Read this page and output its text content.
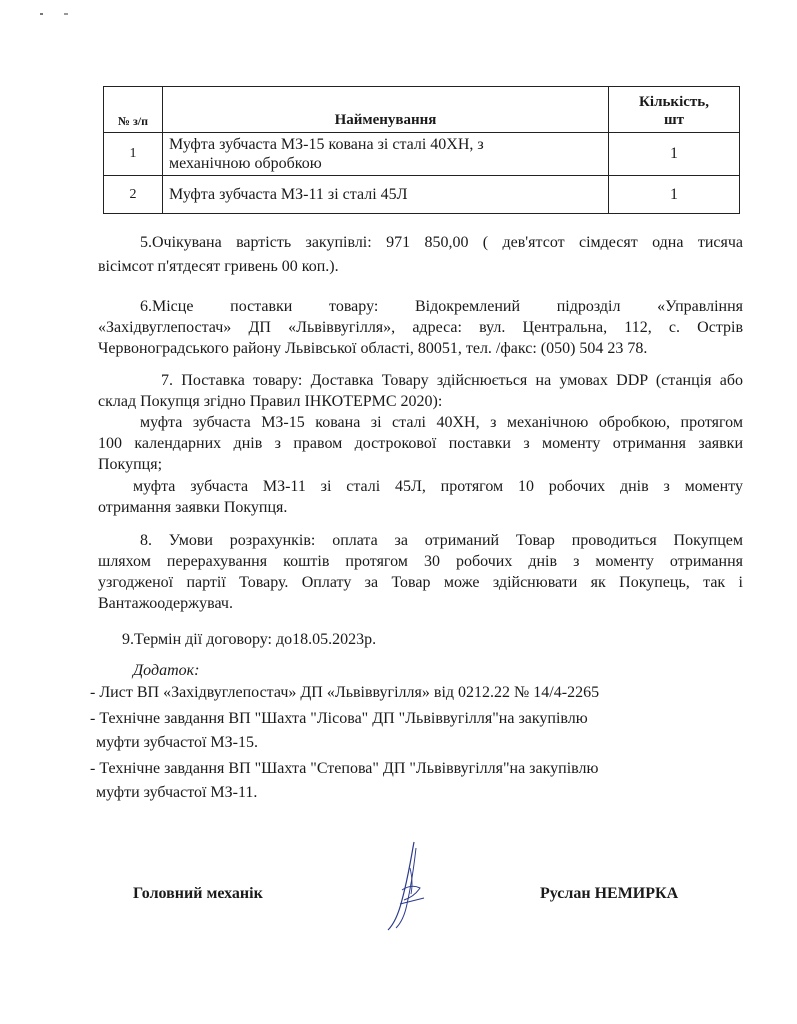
№ з/п	Найменування	Кількість,
шт
1	Муфта зубчаста МЗ-15 кована зі сталі 40ХН, з
механічною обробкою	1
2	Муфта зубчаста МЗ-11 зі сталі 45Л	1
5.Очікувана вартість закупівлі: 971 850,00 ( дев'ятсот сімдесят одна тисяча
вісімсот п'ятдесят гривень 00 коп.).
6.Місце поставки товару: Відокремлений підрозділ «Управління
«Західвуглепостач» ДП «Львіввугілля», адреса: вул. Центральна, 112, с. Острів
Червоноградського району Львівської області, 80051, тел. /факс: (050) 504 23 78.
7. Поставка товару: Доставка Товару здійснюється на умовах DDP (станція або
склад Покупця згідно Правил ІНКОТЕРМС 2020):
муфта зубчаста МЗ-15 кована зі сталі 40ХН, з механічною обробкою, протягом
100 календарних днів з правом дострокової поставки з моменту отримання заявки
Покупця;
муфта зубчаста МЗ-11 зі сталі 45Л, протягом 10 робочих днів з моменту
отримання заявки Покупця.
8. Умови розрахунків: оплата за отриманий Товар проводиться Покупцем
шляхом перерахування коштів протягом 30 робочих днів з моменту отримання
узгодженої партії Товару. Оплату за Товар може здійснювати як Покупець, так і
Вантажоодержувач.
9.Термін дії договору: до18.05.2023р.
Додаток:
- Лист ВП «Західвуглепостач» ДП «Львіввугілля» від 0212.22 № 14/4-2265
- Технічне завдання ВП "Шахта "Лісова" ДП "Львіввугілля"на закупівлю
муфти зубчастої МЗ-15.
- Технічне завдання ВП "Шахта "Степова" ДП "Львіввугілля"на закупівлю
муфти зубчастої МЗ-11.
Головний механік	Руслан НЕМИРКА
